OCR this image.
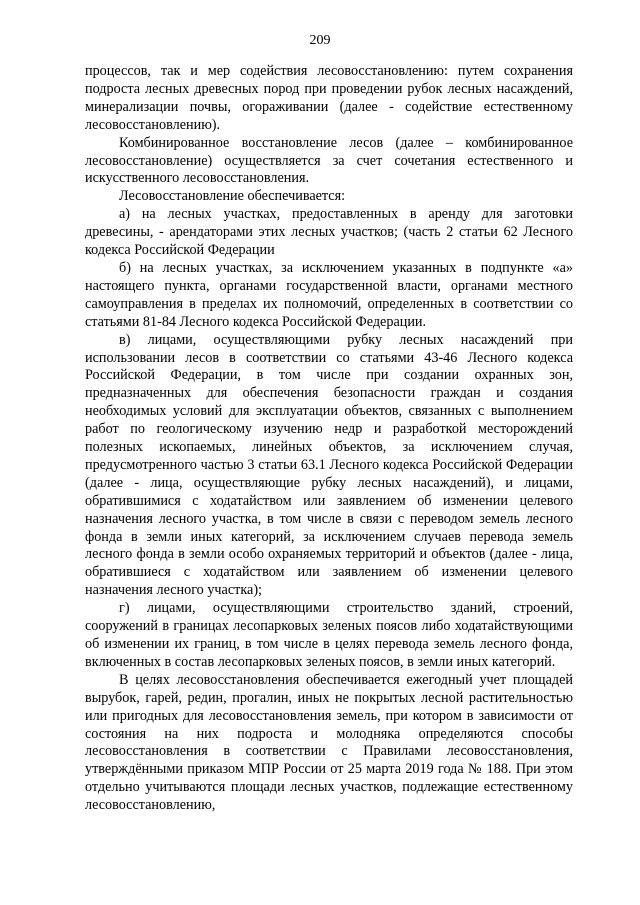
209

процессов, так и мер содействия лесовосстановлению: путем сохранения подроста лесных древесных пород при проведении рубок лесных насаждений, минерализации почвы, огораживании (далее - содействие естественному лесовосстановлению).

Комбинированное восстановление лесов (далее – комбинированное лесовосстановление) осуществляется за счет сочетания естественного и искусственного лесовосстановления.

Лесовосстановление обеспечивается:

а) на лесных участках, предоставленных в аренду для заготовки древесины, - арендаторами этих лесных участков; (часть 2 статьи 62 Лесного кодекса Российской Федерации

б) на лесных участках, за исключением указанных в подпункте «а» настоящего пункта, органами государственной власти, органами местного самоуправления в пределах их полномочий, определенных в соответствии со статьями 81-84 Лесного кодекса Российской Федерации.

в) лицами, осуществляющими рубку лесных насаждений при использовании лесов в соответствии со статьями 43-46 Лесного кодекса Российской Федерации, в том числе при создании охранных зон, предназначенных для обеспечения безопасности граждан и создания необходимых условий для эксплуатации объектов, связанных с выполнением работ по геологическому изучению недр и разработкой месторождений полезных ископаемых, линейных объектов, за исключением случая, предусмотренного частью 3 статьи 63.1 Лесного кодекса Российской Федерации (далее - лица, осуществляющие рубку лесных насаждений), и лицами, обратившимися с ходатайством или заявлением об изменении целевого назначения лесного участка, в том числе в связи с переводом земель лесного фонда в земли иных категорий, за исключением случаев перевода земель лесного фонда в земли особо охраняемых территорий и объектов (далее - лица, обратившиеся с ходатайством или заявлением об изменении целевого назначения лесного участка);

г) лицами, осуществляющими строительство зданий, строений, сооружений в границах лесопарковых зеленых поясов либо ходатайствующими об изменении их границ, в том числе в целях перевода земель лесного фонда, включенных в состав лесопарковых зеленых поясов, в земли иных категорий.

В целях лесовосстановления обеспечивается ежегодный учет площадей вырубок, гарей, редин, прогалин, иных не покрытых лесной растительностью или пригодных для лесовосстановления земель, при котором в зависимости от состояния на них подроста и молодняка определяются способы лесовосстановления в соответствии с Правилами лесовосстановления, утверждёнными приказом МПР России от 25 марта 2019 года № 188. При этом отдельно учитываются площади лесных участков, подлежащие естественному лесовосстановлению,
